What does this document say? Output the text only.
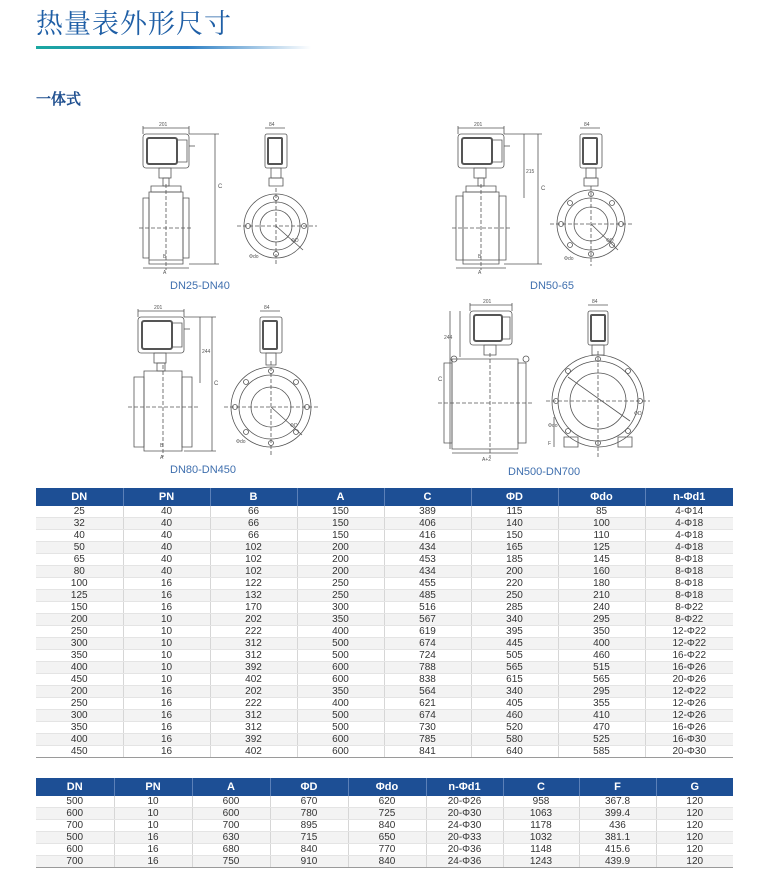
热量表外形尺寸
一体式
201
C
B
A
84
ΦD
Φdo
DN25-DN40
201
215
C
B
A
84
ΦD
Φdo
DN50-65
201
244
C
B
A
84
ΦD
Φdo
DN80-DN450
201
244
C
A+2
84
ΦD
Φdo
F
DN500-DN700
DN	PN	B	A	C	ΦD	Φdo	n-Φd1
25	40	66	150	389	115	85	4-Φ14
32	40	66	150	406	140	100	4-Φ18
40	40	66	150	416	150	110	4-Φ18
50	40	102	200	434	165	125	4-Φ18
65	40	102	200	453	185	145	8-Φ18
80	40	102	200	434	200	160	8-Φ18
100	16	122	250	455	220	180	8-Φ18
125	16	132	250	485	250	210	8-Φ18
150	16	170	300	516	285	240	8-Φ22
200	10	202	350	567	340	295	8-Φ22
250	10	222	400	619	395	350	12-Φ22
300	10	312	500	674	445	400	12-Φ22
350	10	312	500	724	505	460	16-Φ22
400	10	392	600	788	565	515	16-Φ26
450	10	402	600	838	615	565	20-Φ26
200	16	202	350	564	340	295	12-Φ22
250	16	222	400	621	405	355	12-Φ26
300	16	312	500	674	460	410	12-Φ26
350	16	312	500	730	520	470	16-Φ26
400	16	392	600	785	580	525	16-Φ30
450	16	402	600	841	640	585	20-Φ30
DN	PN	A	ΦD	Φdo	n-Φd1	C	F	G
500	10	600	670	620	20-Φ26	958	367.8	120
600	10	600	780	725	20-Φ30	1063	399.4	120
700	10	700	895	840	24-Φ30	1178	436	120
500	16	630	715	650	20-Φ33	1032	381.1	120
600	16	680	840	770	20-Φ36	1148	415.6	120
700	16	750	910	840	24-Φ36	1243	439.9	120
